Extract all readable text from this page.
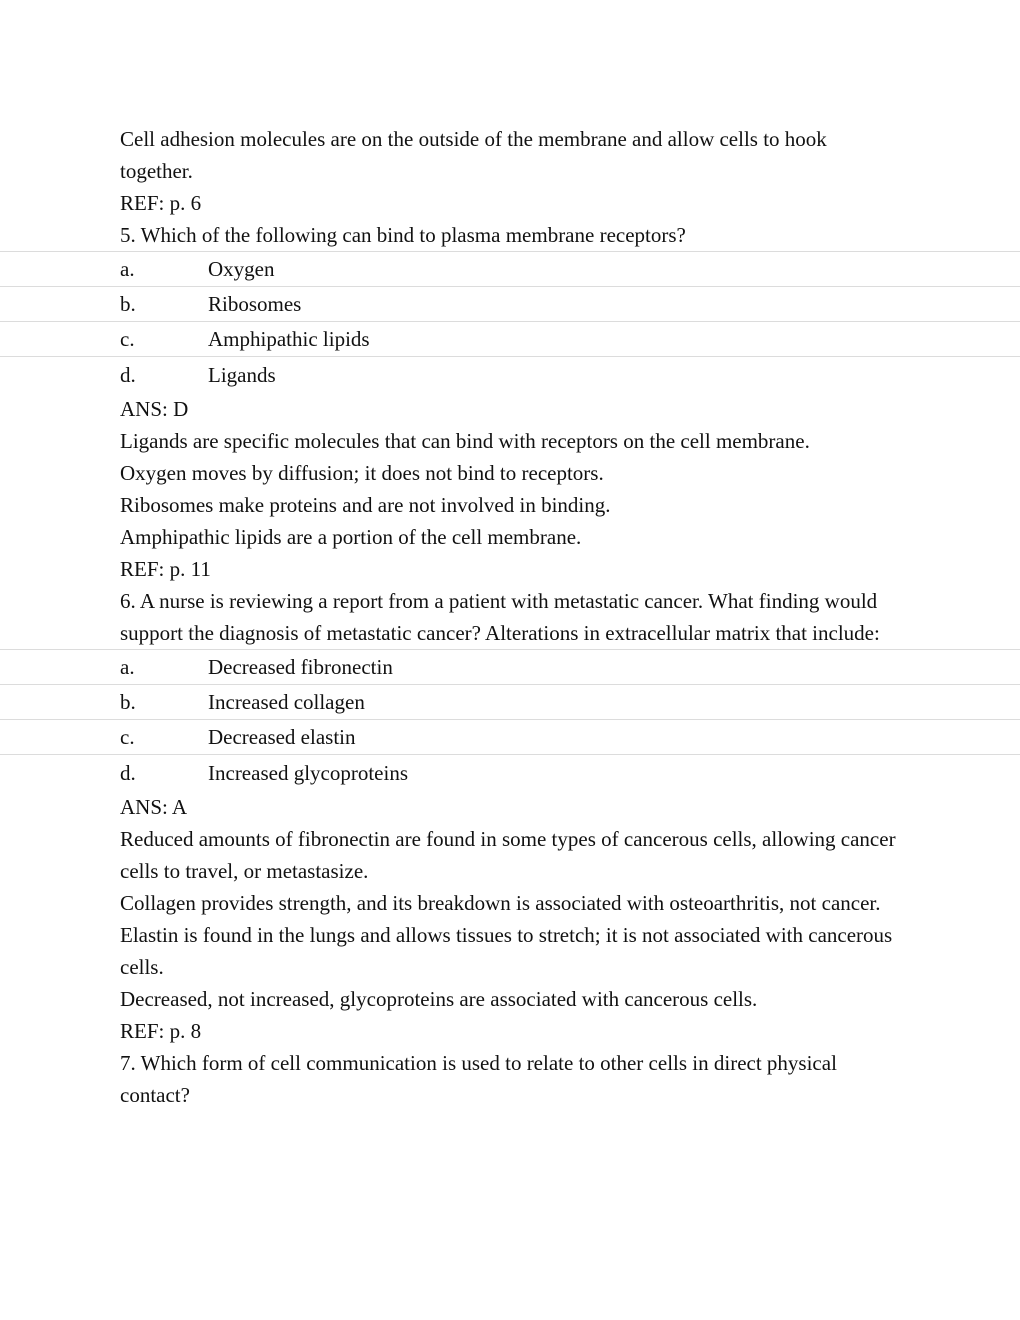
Cell adhesion molecules are on the outside of the membrane and allow cells to hook together.
REF: p. 6
5. Which of the following can bind to plasma membrane receptors?
a.	Oxygen
b.	Ribosomes
c.	Amphipathic lipids
d.	Ligands
ANS: D
Ligands are specific molecules that can bind with receptors on the cell membrane.
Oxygen moves by diffusion; it does not bind to receptors.
Ribosomes make proteins and are not involved in binding.
Amphipathic lipids are a portion of the cell membrane.
REF: p. 11
6. A nurse is reviewing a report from a patient with metastatic cancer. What finding would support the diagnosis of metastatic cancer? Alterations in extracellular matrix that include:
a.	Decreased fibronectin
b.	Increased collagen
c.	Decreased elastin
d.	Increased glycoproteins
ANS: A
Reduced amounts of fibronectin are found in some types of cancerous cells, allowing cancer cells to travel, or metastasize.
Collagen provides strength, and its breakdown is associated with osteoarthritis, not cancer.
Elastin is found in the lungs and allows tissues to stretch; it is not associated with cancerous cells.
Decreased, not increased, glycoproteins are associated with cancerous cells.
REF: p. 8
7. Which form of cell communication is used to relate to other cells in direct physical contact?
